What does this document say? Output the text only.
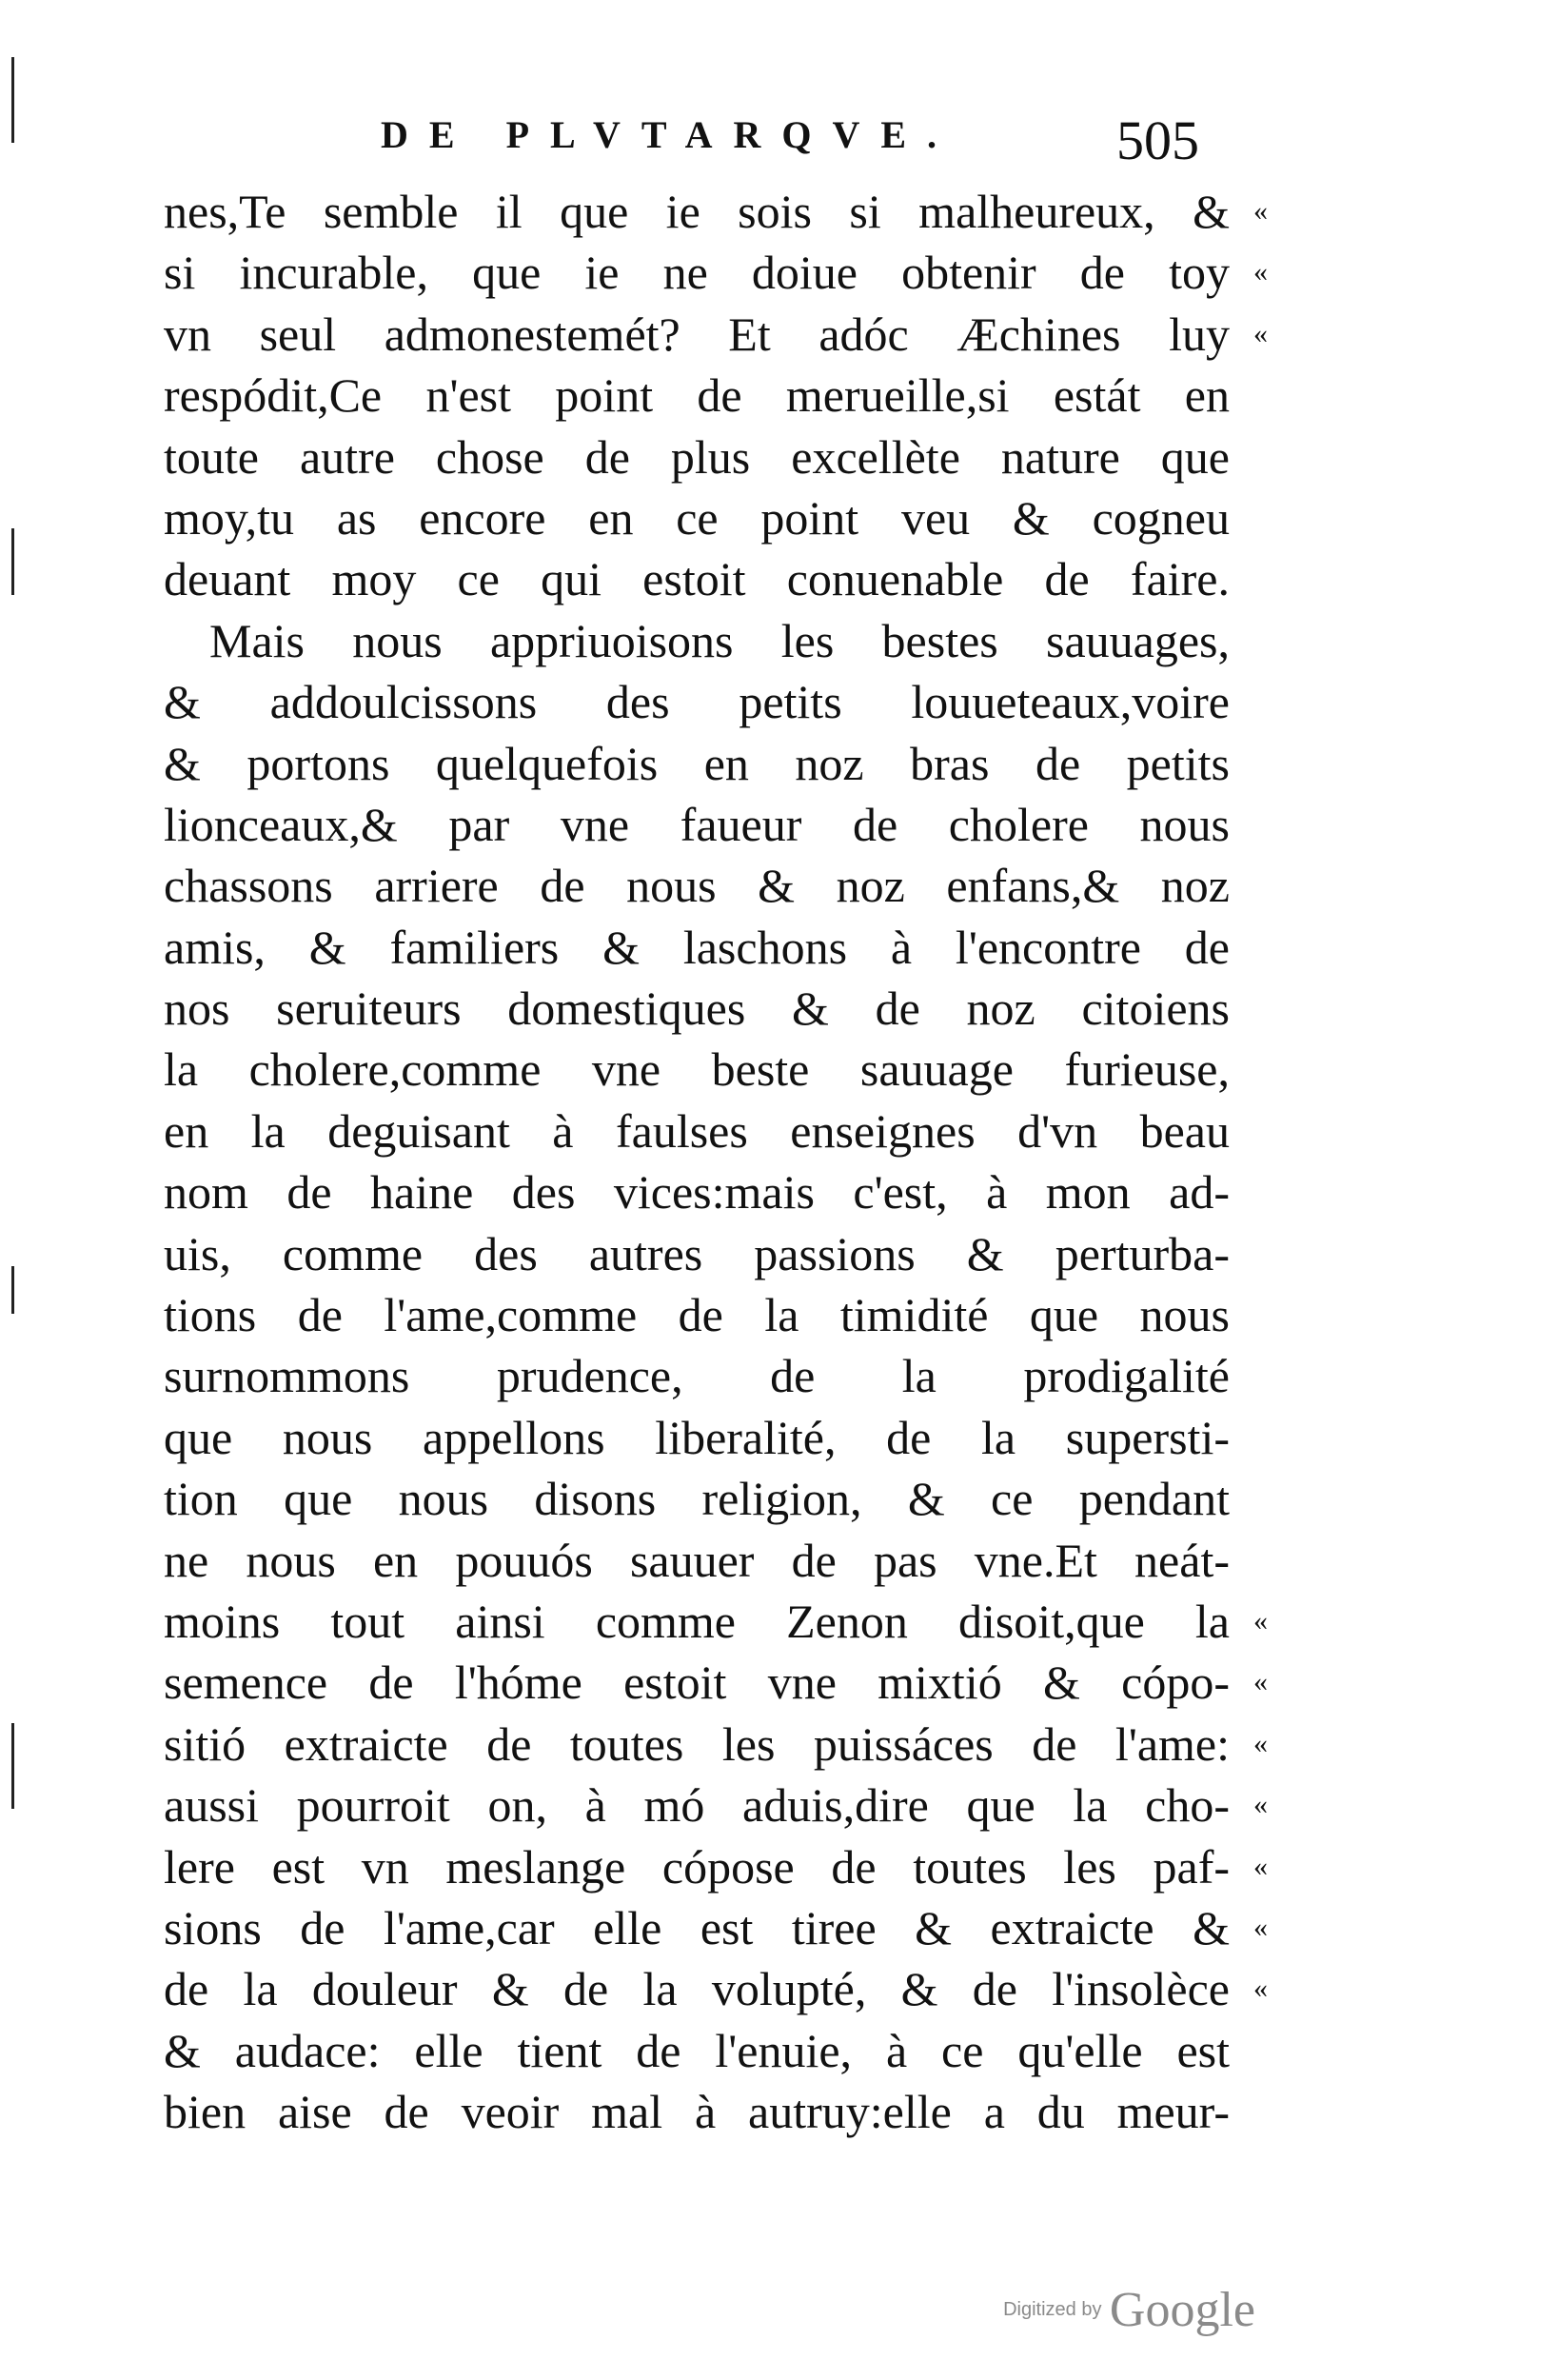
DE PLVTARQVE.	505
nes,Te semble il que ie sois si malheureux, & «
si incurable, que ie ne doiue obtenir de toy «
vn seul admonestemét? Et adóc Æchines luy «
respódit,Ce n'est point de merueille,si estát en
toute autre chose de plus excellète nature que
moy,tu as encore en ce point veu & cogneu
deuant moy ce qui estoit conuenable de faire.
Mais nous appriuoisons les bestes sauuages,
& addoulcissons des petits louueteaux,voire
& portons quelquefois en noz bras de petits
lionceaux,& par vne faueur de cholere nous
chassons arriere de nous & noz enfans,& noz
amis, & familiers & laschons à l'encontre de
nos seruiteurs domestiques & de noz citoiens
la cholere,comme vne beste sauuage furieuse,
en la deguisant à faulses enseignes d'vn beau
nom de haine des vices:mais c'est, à mon ad-
uis, comme des autres passions & perturba-
tions de l'ame,comme de la timidité que nous
surnommons prudence, de la prodigalité
que nous appellons liberalité, de la supersti-
tion que nous disons religion, & ce pendant
ne nous en pouuós sauuer de pas vne.Et neát-
moins tout ainsi comme Zenon disoit,que la «
semence de l'hóme estoit vne mixtió & cópo- «
sitió extraicte de toutes les puissáces de l'ame: «
aussi pourroit on, à mó aduis,dire que la cho- «
lere est vn meslange cópose de toutes les paf- «
sions de l'ame,car elle est tiree & extraicte & «
de la douleur & de la volupté, & de l'insolèce «
& audace: elle tient de l'enuie, à ce qu'elle est
bien aise de veoir mal à autruy:elle a du meur-
Digitized by Google
